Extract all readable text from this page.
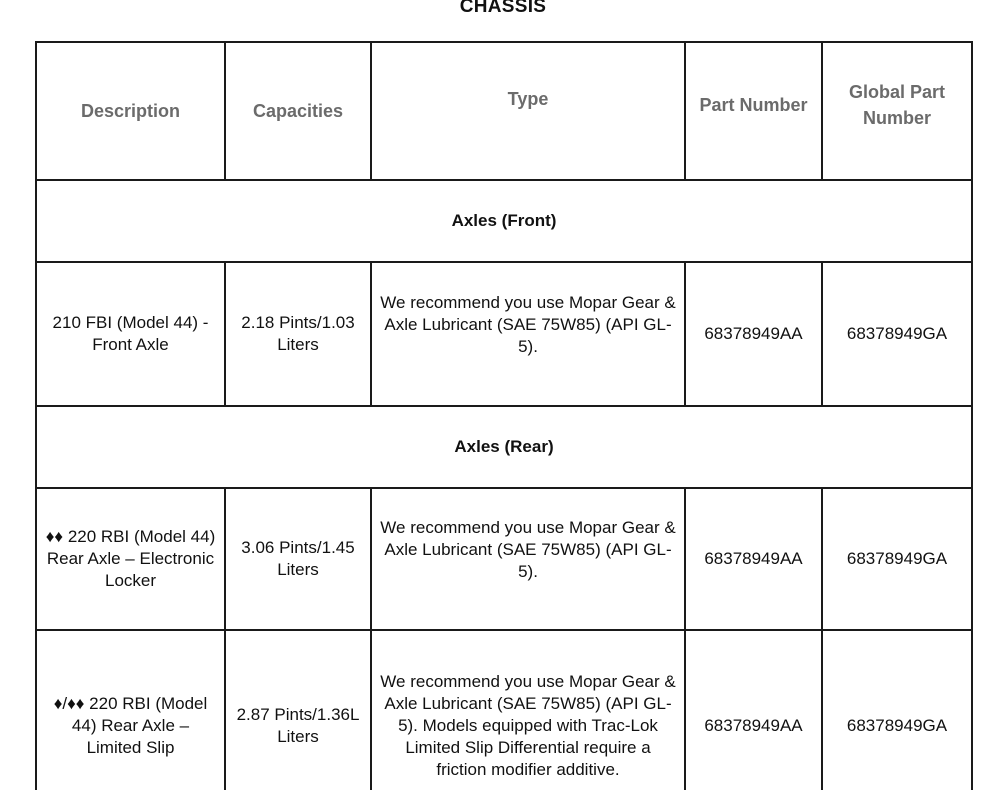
CHASSIS
Description	Capacities	Type	Part Number	Global Part Number
Axles (Front)				
210 FBI (Model 44) - Front Axle	2.18 Pints/1.03 Liters	We recommend you use Mopar Gear & Axle Lubricant (SAE 75W85) (API GL-5).	68378949AA	68378949GA
Axles (Rear)				
♦♦ 220 RBI (Model 44) Rear Axle – Electronic Locker	3.06 Pints/1.45 Liters	We recommend you use Mopar Gear & Axle Lubricant (SAE 75W85) (API GL-5).	68378949AA	68378949GA
♦/♦♦ 220 RBI (Model 44) Rear Axle – Limited Slip	2.87 Pints/1.36L Liters	We recommend you use Mopar Gear & Axle Lubricant (SAE 75W85) (API GL-5). Models equipped with Trac-Lok Limited Slip Differential require a friction modifier additive.	68378949AA	68378949GA
